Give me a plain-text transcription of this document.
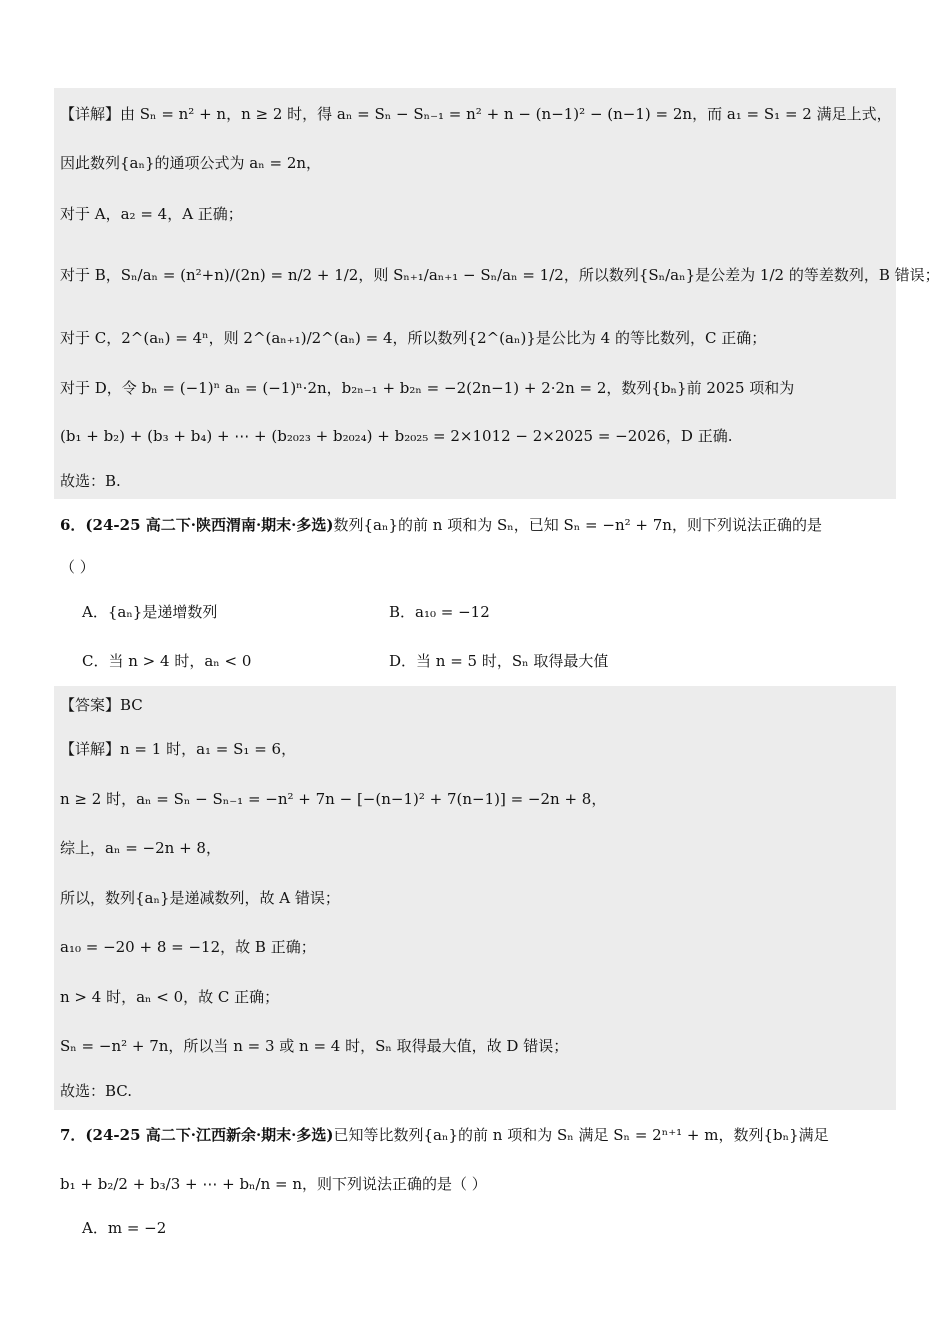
【详解】由 Sₙ = n² + n，n ≥ 2 时，得 aₙ = Sₙ − Sₙ₋₁ = n² + n − (n−1)² − (n−1) = 2n，而 a₁ = S₁ = 2 满足上式，
因此数列{aₙ}的通项公式为 aₙ = 2n，
对于 A，a₂ = 4，A 正确；
对于 B，Sₙ/aₙ = (n²+n)/(2n) = n/2 + 1/2，则 Sₙ₊₁/aₙ₊₁ − Sₙ/aₙ = 1/2，所以数列{Sₙ/aₙ}是公差为 1/2 的等差数列，B 错误；
对于 C，2^(aₙ) = 4ⁿ，则 2^(aₙ₊₁)/2^(aₙ) = 4，所以数列{2^(aₙ)}是公比为 4 的等比数列，C 正确；
对于 D，令 bₙ = (−1)ⁿ aₙ = (−1)ⁿ·2n，b₂ₙ₋₁ + b₂ₙ = −2(2n−1) + 2·2n = 2，数列{bₙ}前 2025 项和为
(b₁ + b₂) + (b₃ + b₄) + ⋯ + (b₂₀₂₃ + b₂₀₂₄) + b₂₀₂₅ = 2×1012 − 2×2025 = −2026，D 正确.
故选：B.
6．(24-25 高二下·陕西渭南·期末·多选)数列{aₙ}的前 n 项和为 Sₙ，已知 Sₙ = −n² + 7n，则下列说法正确的是
（ ）
A．{aₙ}是递增数列	B．a₁₀ = −12
C．当 n > 4 时，aₙ < 0	D．当 n = 5 时，Sₙ 取得最大值
【答案】BC
【详解】n = 1 时，a₁ = S₁ = 6，
n ≥ 2 时，aₙ = Sₙ − Sₙ₋₁ = −n² + 7n − [−(n−1)² + 7(n−1)] = −2n + 8，
综上，aₙ = −2n + 8，
所以，数列{aₙ}是递减数列，故 A 错误；
a₁₀ = −20 + 8 = −12，故 B 正确；
n > 4 时，aₙ < 0，故 C 正确；
Sₙ = −n² + 7n，所以当 n = 3 或 n = 4 时，Sₙ 取得最大值，故 D 错误；
故选：BC.
7．(24-25 高二下·江西新余·期末·多选)已知等比数列{aₙ}的前 n 项和为 Sₙ 满足 Sₙ = 2ⁿ⁺¹ + m，数列{bₙ}满足
b₁ + b₂/2 + b₃/3 + ⋯ + bₙ/n = n，则下列说法正确的是（ ）
A．m = −2
